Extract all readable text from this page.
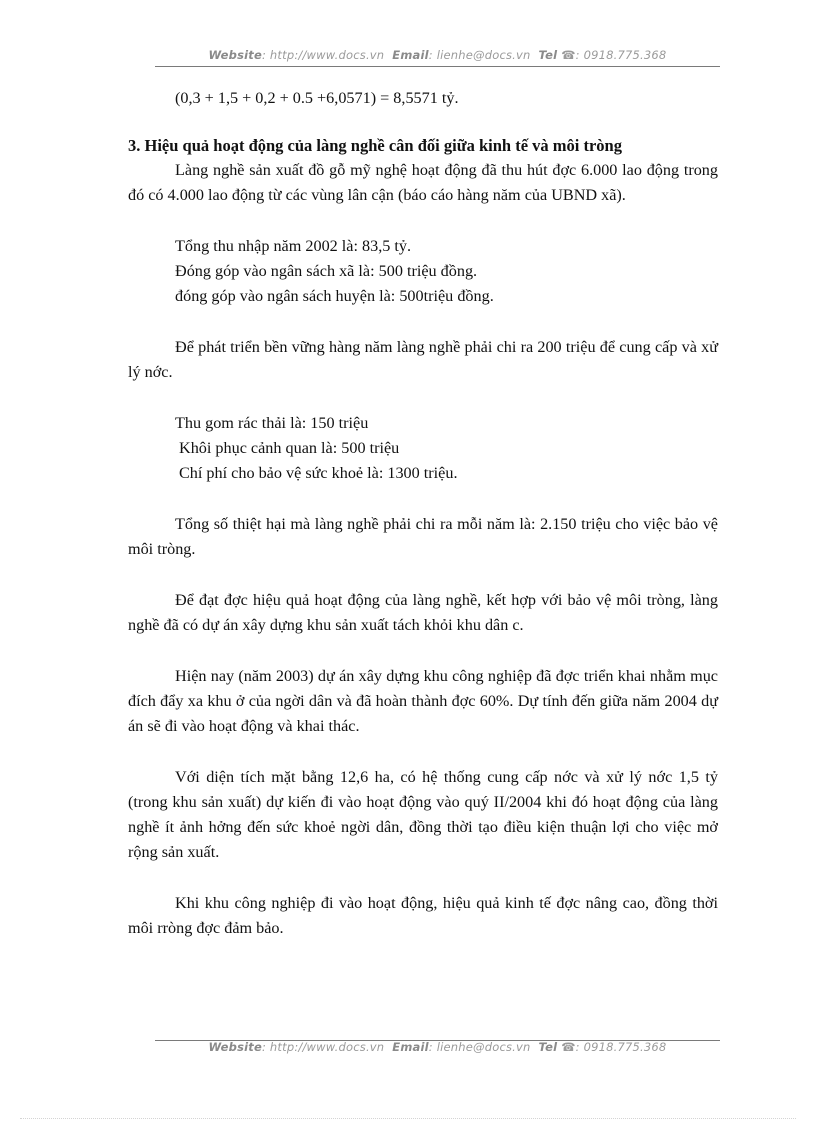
Website: http://www.docs.vn Email: lienhe@docs.vn Tel ☎: 0918.775.368

(0,3 + 1,5 + 0,2 + 0.5 +6,0571) = 8,5571 tỷ.

3. Hiệu quả hoạt động của làng nghề cân đối giữa kinh tế và môi tròng

Làng nghề sản xuất đồ gỗ mỹ nghệ hoạt động đã thu hút đợc 6.000 lao động trong đó có 4.000 lao động từ các vùng lân cận (báo cáo hàng năm của UBND xã).

Tổng thu nhập năm 2002 là: 83,5 tỷ.

Đóng góp vào ngân sách xã là: 500 triệu đồng.

đóng góp vào ngân sách huyện là: 500triệu đồng.

Để phát triển bền vững hàng năm làng nghề phải chi ra 200 triệu để cung cấp và xử lý nớc.

Thu gom rác thải là: 150 triệu

Khôi phục cảnh quan là: 500 triệu

Chí phí cho bảo vệ sức khoẻ là: 1300 triệu.

Tổng số thiệt hại mà làng nghề phải chi ra mỗi năm là: 2.150 triệu cho việc bảo vệ môi tròng.

Để đạt đợc hiệu quả hoạt động của làng nghề, kết hợp với bảo vệ môi tròng, làng nghề đã có dự án xây dựng khu sản xuất tách khỏi khu dân c.

Hiện nay (năm 2003) dự án xây dựng khu công nghiệp đã đợc triển khai nhằm mục đích đẩy xa khu ở của ngời dân và đã hoàn thành đợc 60%. Dự tính đến giữa năm 2004 dự án sẽ đi vào hoạt động và khai thác.

Với diện tích mặt bằng 12,6 ha, có hệ thống cung cấp nớc và xử lý nớc 1,5 tỷ (trong khu sản xuất) dự kiến đi vào hoạt động vào quý II/2004 khi đó hoạt động của làng nghề ít ảnh hởng đến sức khoẻ ngời dân, đồng thời tạo điều kiện thuận lợi cho việc mở rộng sản xuất.

Khi khu công nghiệp đi vào hoạt động, hiệu quả kinh tế đợc nâng cao, đồng thời môi rròng đợc đảm bảo.

Website: http://www.docs.vn Email: lienhe@docs.vn Tel ☎: 0918.775.368
